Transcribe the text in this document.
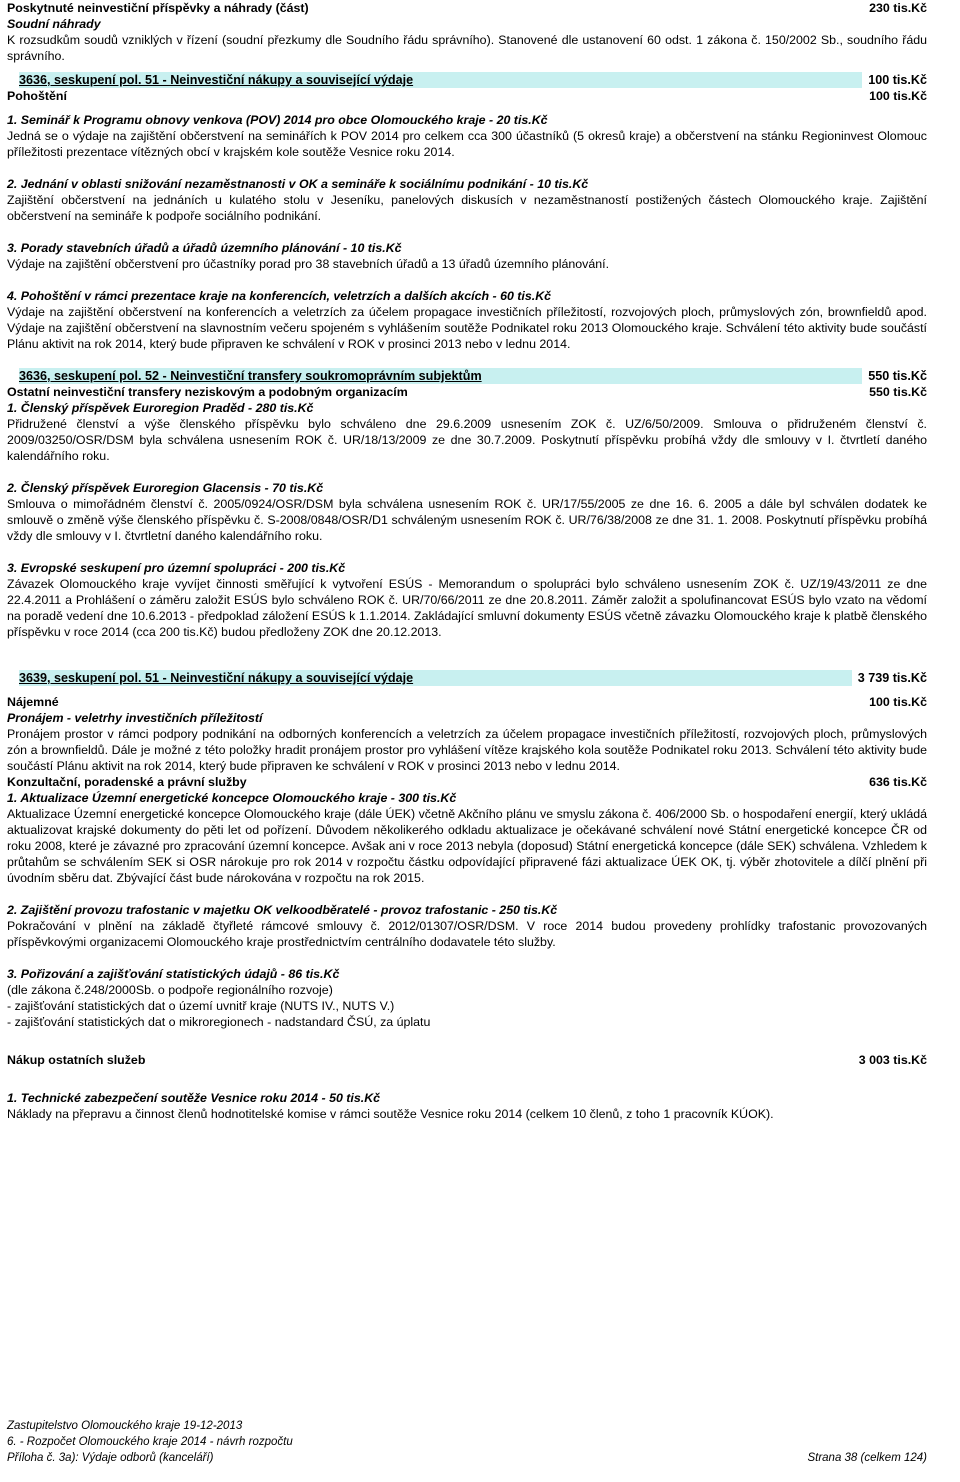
Poskytnuté neinvestiční příspěvky a náhrady (část)	230 tis.Kč
Soudní náhrady

K rozsudkům soudů vzniklých v řízení (soudní přezkumy dle Soudního řádu správního). Stanovené dle ustanovení 60 odst. 1 zákona č. 150/2002 Sb., soudního řádu správního.

3636, seskupení pol. 51 - Neinvestiční nákupy a související výdaje	100 tis.Kč
Pohoštění	100 tis.Kč
1. Seminář k Programu obnovy venkova (POV) 2014 pro obce Olomouckého kraje - 20 tis.Kč

Jedná se o výdaje na zajištění občerstvení na seminářích k POV 2014 pro celkem cca 300 účastníků (5 okresů kraje) a občerstvení na stánku Regioninvest Olomouc příležitosti prezentace vítězných obcí v krajském kole soutěže Vesnice roku 2014.

2. Jednání v oblasti snižování nezaměstnanosti v OK a semináře k sociálnímu podnikání - 10 tis.Kč

Zajištění občerstvení na jednáních u kulatého stolu v Jeseníku, panelových diskusích v nezaměstnaností postižených částech Olomouckého kraje. Zajištění občerstvení na semináře k podpoře sociálního podnikání.

3. Porady stavebních úřadů a úřadů územního plánování - 10 tis.Kč

Výdaje na zajištění občerstvení pro účastníky porad pro 38 stavebních úřadů a 13 úřadů územního plánování.

4. Pohoštění v rámci prezentace kraje na konferencích, veletrzích a dalších akcích - 60 tis.Kč

Výdaje na zajištění občerstvení na konferencích a veletrzích za účelem propagace investičních příležitostí, rozvojových ploch, průmyslových zón, brownfieldů apod. Výdaje na zajištění občerstvení na slavnostním večeru spojeném s vyhlášením soutěže Podnikatel roku 2013 Olomouckého kraje. Schválení této aktivity bude součástí Plánu aktivit na rok 2014, který bude připraven ke schválení v ROK v prosinci 2013 nebo v lednu 2014.

3636, seskupení pol. 52 - Neinvestiční transfery soukromoprávním subjektům	550 tis.Kč
Ostatní neinvestiční transfery neziskovým a podobným organizacím	550 tis.Kč
1. Členský příspěvek Euroregion Praděd - 280 tis.Kč

Přidružené členství a výše členského příspěvku bylo schváleno dne 29.6.2009 usnesením ZOK č. UZ/6/50/2009. Smlouva o přidruženém členství č. 2009/03250/OSR/DSM byla schválena usnesením ROK č. UR/18/13/2009 ze dne 30.7.2009. Poskytnutí příspěvku probíhá vždy dle smlouvy v I. čtvrtletí daného kalendářního roku.

2. Členský příspěvek Euroregion Glacensis - 70 tis.Kč

Smlouva o mimořádném členství č. 2005/0924/OSR/DSM byla schválena usnesením ROK č. UR/17/55/2005 ze dne 16. 6. 2005 a dále byl schválen dodatek ke smlouvě o změně výše členského příspěvku č. S-2008/0848/OSR/D1 schváleným usnesením ROK č. UR/76/38/2008 ze dne 31. 1. 2008. Poskytnutí příspěvku probíhá vždy dle smlouvy v I. čtvrtletní daného kalendářního roku.

3. Evropské seskupení pro územní spolupráci - 200 tis.Kč

Závazek Olomouckého kraje vyvíjet činnosti směřující k vytvoření ESÚS - Memorandum o spolupráci bylo schváleno usnesením ZOK č. UZ/19/43/2011 ze dne 22.4.2011 a Prohlášení o záměru založit ESÚS bylo schváleno ROK č. UR/70/66/2011 ze dne 20.8.2011. Záměr založit a spolufinancovat ESÚS bylo vzato na vědomí na poradě vedení dne 10.6.2013 - předpoklad záložení ESÚS k 1.1.2014. Zakládající smluvní dokumenty ESÚS včetně závazku Olomouckého kraje k platbě členského příspěvku v roce 2014 (cca 200 tis.Kč) budou předloženy ZOK dne 20.12.2013.

3639, seskupení pol. 51 - Neinvestiční nákupy a související výdaje	3 739 tis.Kč
Nájemné	100 tis.Kč
Pronájem - veletrhy investičních příležitostí

Pronájem prostor v rámci podpory podnikání na odborných konferencích a veletrzích za účelem propagace investičních příležitostí, rozvojových ploch, průmyslových zón a brownfieldů. Dále je možné z této položky hradit pronájem prostor pro vyhlášení vítěze krajského kola soutěže Podnikatel roku 2013. Schválení této aktivity bude součástí Plánu aktivit na rok 2014, který bude připraven ke schválení v ROK v prosinci 2013 nebo v lednu 2014.

Konzultační, poradenské a právní služby	636 tis.Kč
1. Aktualizace Územní energetické koncepce Olomouckého kraje - 300 tis.Kč

Aktualizace Územní energetické koncepce Olomouckého kraje (dále ÚEK) včetně Akčního plánu ve smyslu zákona č. 406/2000 Sb. o hospodaření energií, který ukládá aktualizovat krajské dokumenty do pěti let od pořízení. Důvodem několikerého odkladu aktualizace je očekávané schválení nové Státní energetické koncepce ČR od roku 2008, které je závazné pro zpracování územní koncepce. Avšak ani v roce 2013 nebyla (doposud) Státní energetická koncepce (dále SEK) schválena. Vzhledem k průtahům se schválením SEK si OSR nárokuje pro rok 2014 v rozpočtu částku odpovídající připravené fázi aktualizace ÚEK OK, tj. výběr zhotovitele a dílčí plnění při úvodním sběru dat. Zbývající část bude nárokována v rozpočtu na rok 2015.

2. Zajištění provozu trafostanic v majetku OK velkoodběratelé - provoz trafostanic - 250 tis.Kč

Pokračování v plnění na základě čtyřleté rámcové smlouvy č. 2012/01307/OSR/DSM. V roce 2014 budou provedeny prohlídky trafostanic provozovaných příspěvkovými organizacemi Olomouckého kraje prostřednictvím centrálního dodavatele této služby.

3. Pořizování a zajišťování statistických údajů - 86 tis.Kč
(dle zákona č.248/2000Sb. o podpoře regionálního rozvoje)
- zajišťování statistických dat o území uvnitř kraje (NUTS IV., NUTS V.)
- zajišťování statistických dat o mikroregionech - nadstandard ČSÚ, za úplatu
Nákup ostatních služeb	3 003 tis.Kč
1. Technické zabezpečení soutěže Vesnice roku 2014 - 50 tis.Kč

Náklady na přepravu a činnost členů hodnotitelské komise v rámci soutěže Vesnice roku 2014 (celkem 10 členů, z toho 1 pracovník KÚOK).

Zastupitelstvo Olomouckého kraje 19-12-2013
6. - Rozpočet Olomouckého kraje 2014 - návrh rozpočtu
Příloha č. 3a): Výdaje odborů (kanceláří)	Strana 38 (celkem 124)
